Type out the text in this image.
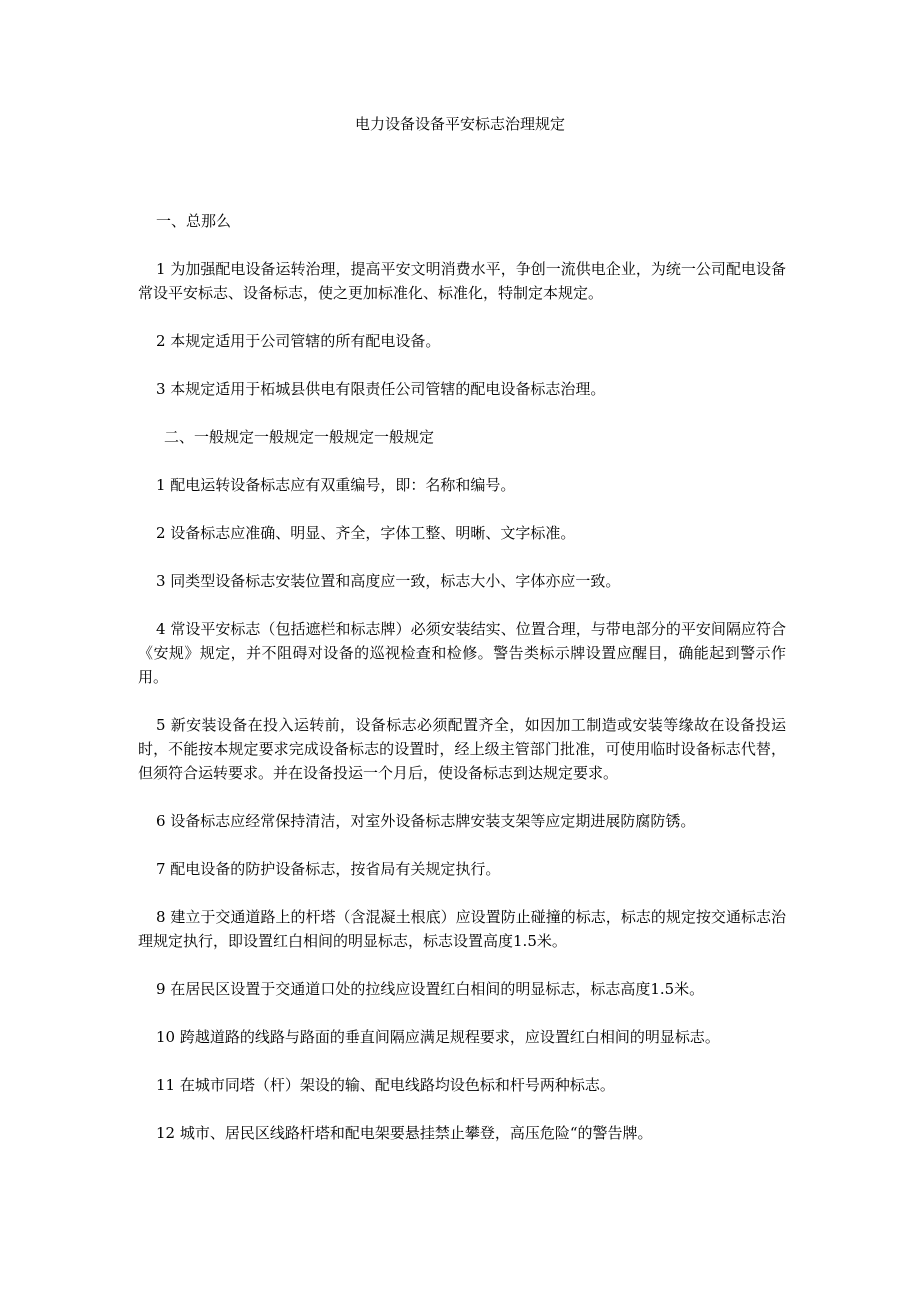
电力设备设备平安标志治理规定

一、总那么

1 为加强配电设备运转治理，提高平安文明消费水平，争创一流供电企业，为统一公司配电设备常设平安标志、设备标志，使之更加标准化、标准化，特制定本规定。

2 本规定适用于公司管辖的所有配电设备。

3 本规定适用于柘城县供电有限责任公司管辖的配电设备标志治理。

二、一般规定一般规定一般规定一般规定

1 配电运转设备标志应有双重编号，即：名称和编号。

2 设备标志应准确、明显、齐全，字体工整、明晰、文字标准。

3 同类型设备标志安装位置和高度应一致，标志大小、字体亦应一致。

4 常设平安标志（包括遮栏和标志牌）必须安装结实、位置合理，与带电部分的平安间隔应符合《安规》规定，并不阻碍对设备的巡视检查和检修。警告类标示牌设置应醒目，确能起到警示作用。

5 新安装设备在投入运转前，设备标志必须配置齐全，如因加工制造或安装等缘故在设备投运时，不能按本规定要求完成设备标志的设置时，经上级主管部门批准，可使用临时设备标志代替，但须符合运转要求。并在设备投运一个月后，使设备标志到达规定要求。

6 设备标志应经常保持清洁，对室外设备标志牌安装支架等应定期进展防腐防锈。

7 配电设备的防护设备标志，按省局有关规定执行。

8 建立于交通道路上的杆塔（含混凝土根底）应设置防止碰撞的标志，标志的规定按交通标志治理规定执行，即设置红白相间的明显标志，标志设置高度1.5米。

9 在居民区设置于交通道口处的拉线应设置红白相间的明显标志，标志高度1.5米。

10 跨越道路的线路与路面的垂直间隔应满足规程要求，应设置红白相间的明显标志。

11 在城市同塔（杆）架设的输、配电线路均设色标和杆号两种标志。

12 城市、居民区线路杆塔和配电架要悬挂禁止攀登，高压危险“的警告牌。
